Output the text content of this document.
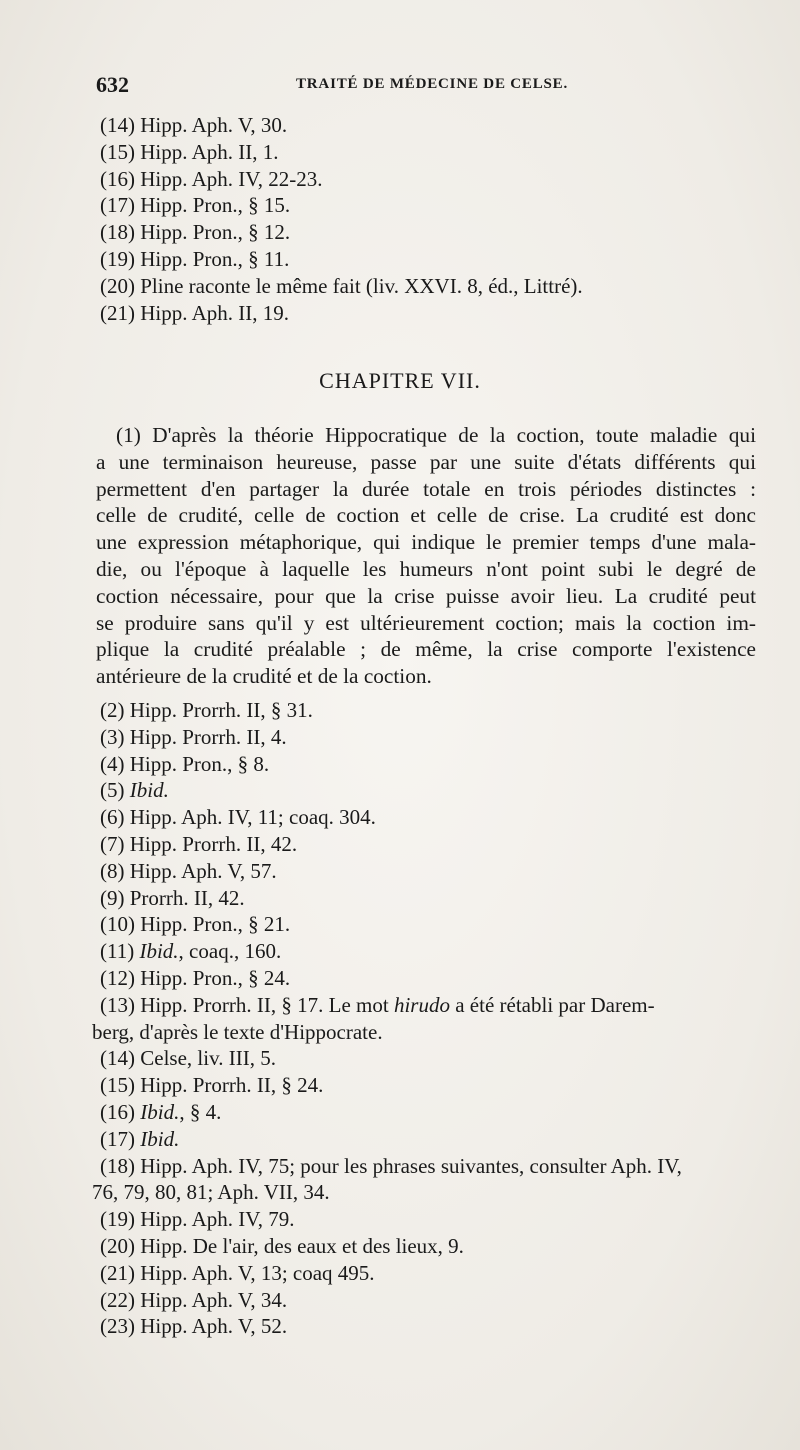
632	TRAITÉ DE MÉDECINE DE CELSE.
(14) Hipp. Aph. V, 30.
(15) Hipp. Aph. II, 1.
(16) Hipp. Aph. IV, 22-23.
(17) Hipp. Pron., § 15.
(18) Hipp. Pron., § 12.
(19) Hipp. Pron., § 11.
(20) Pline raconte le même fait (liv. XXVI. 8, éd., Littré).
(21) Hipp. Aph. II, 19.
CHAPITRE VII.
(1) D'après la théorie Hippocratique de la coction, toute maladie qui
a une terminaison heureuse, passe par une suite d'états différents qui
permettent d'en partager la durée totale en trois périodes distinctes :
celle de crudité, celle de coction et celle de crise. La crudité est donc
une expression métaphorique, qui indique le premier temps d'une mala-
die, ou l'époque à laquelle les humeurs n'ont point subi le degré de
coction nécessaire, pour que la crise puisse avoir lieu. La crudité peut
se produire sans qu'il y est ultérieurement coction; mais la coction im-
plique la crudité préalable ; de même, la crise comporte l'existence
antérieure de la crudité et de la coction.
(2) Hipp. Prorrh. II, § 31.
(3) Hipp. Prorrh. II, 4.
(4) Hipp. Pron., § 8.
(5) Ibid.
(6) Hipp. Aph. IV, 11; coaq. 304.
(7) Hipp. Prorrh. II, 42.
(8) Hipp. Aph. V, 57.
(9) Prorrh. II, 42.
(10) Hipp. Pron., § 21.
(11) Ibid., coaq., 160.
(12) Hipp. Pron., § 24.
(13) Hipp. Prorrh. II, § 17. Le mot hirudo a été rétabli par Darem-
berg, d'après le texte d'Hippocrate.
(14) Celse, liv. III, 5.
(15) Hipp. Prorrh. II, § 24.
(16) Ibid., § 4.
(17) Ibid.
(18) Hipp. Aph. IV, 75; pour les phrases suivantes, consulter Aph. IV,
76, 79, 80, 81; Aph. VII, 34.
(19) Hipp. Aph. IV, 79.
(20) Hipp. De l'air, des eaux et des lieux, 9.
(21) Hipp. Aph. V, 13; coaq 495.
(22) Hipp. Aph. V, 34.
(23) Hipp. Aph. V, 52.
